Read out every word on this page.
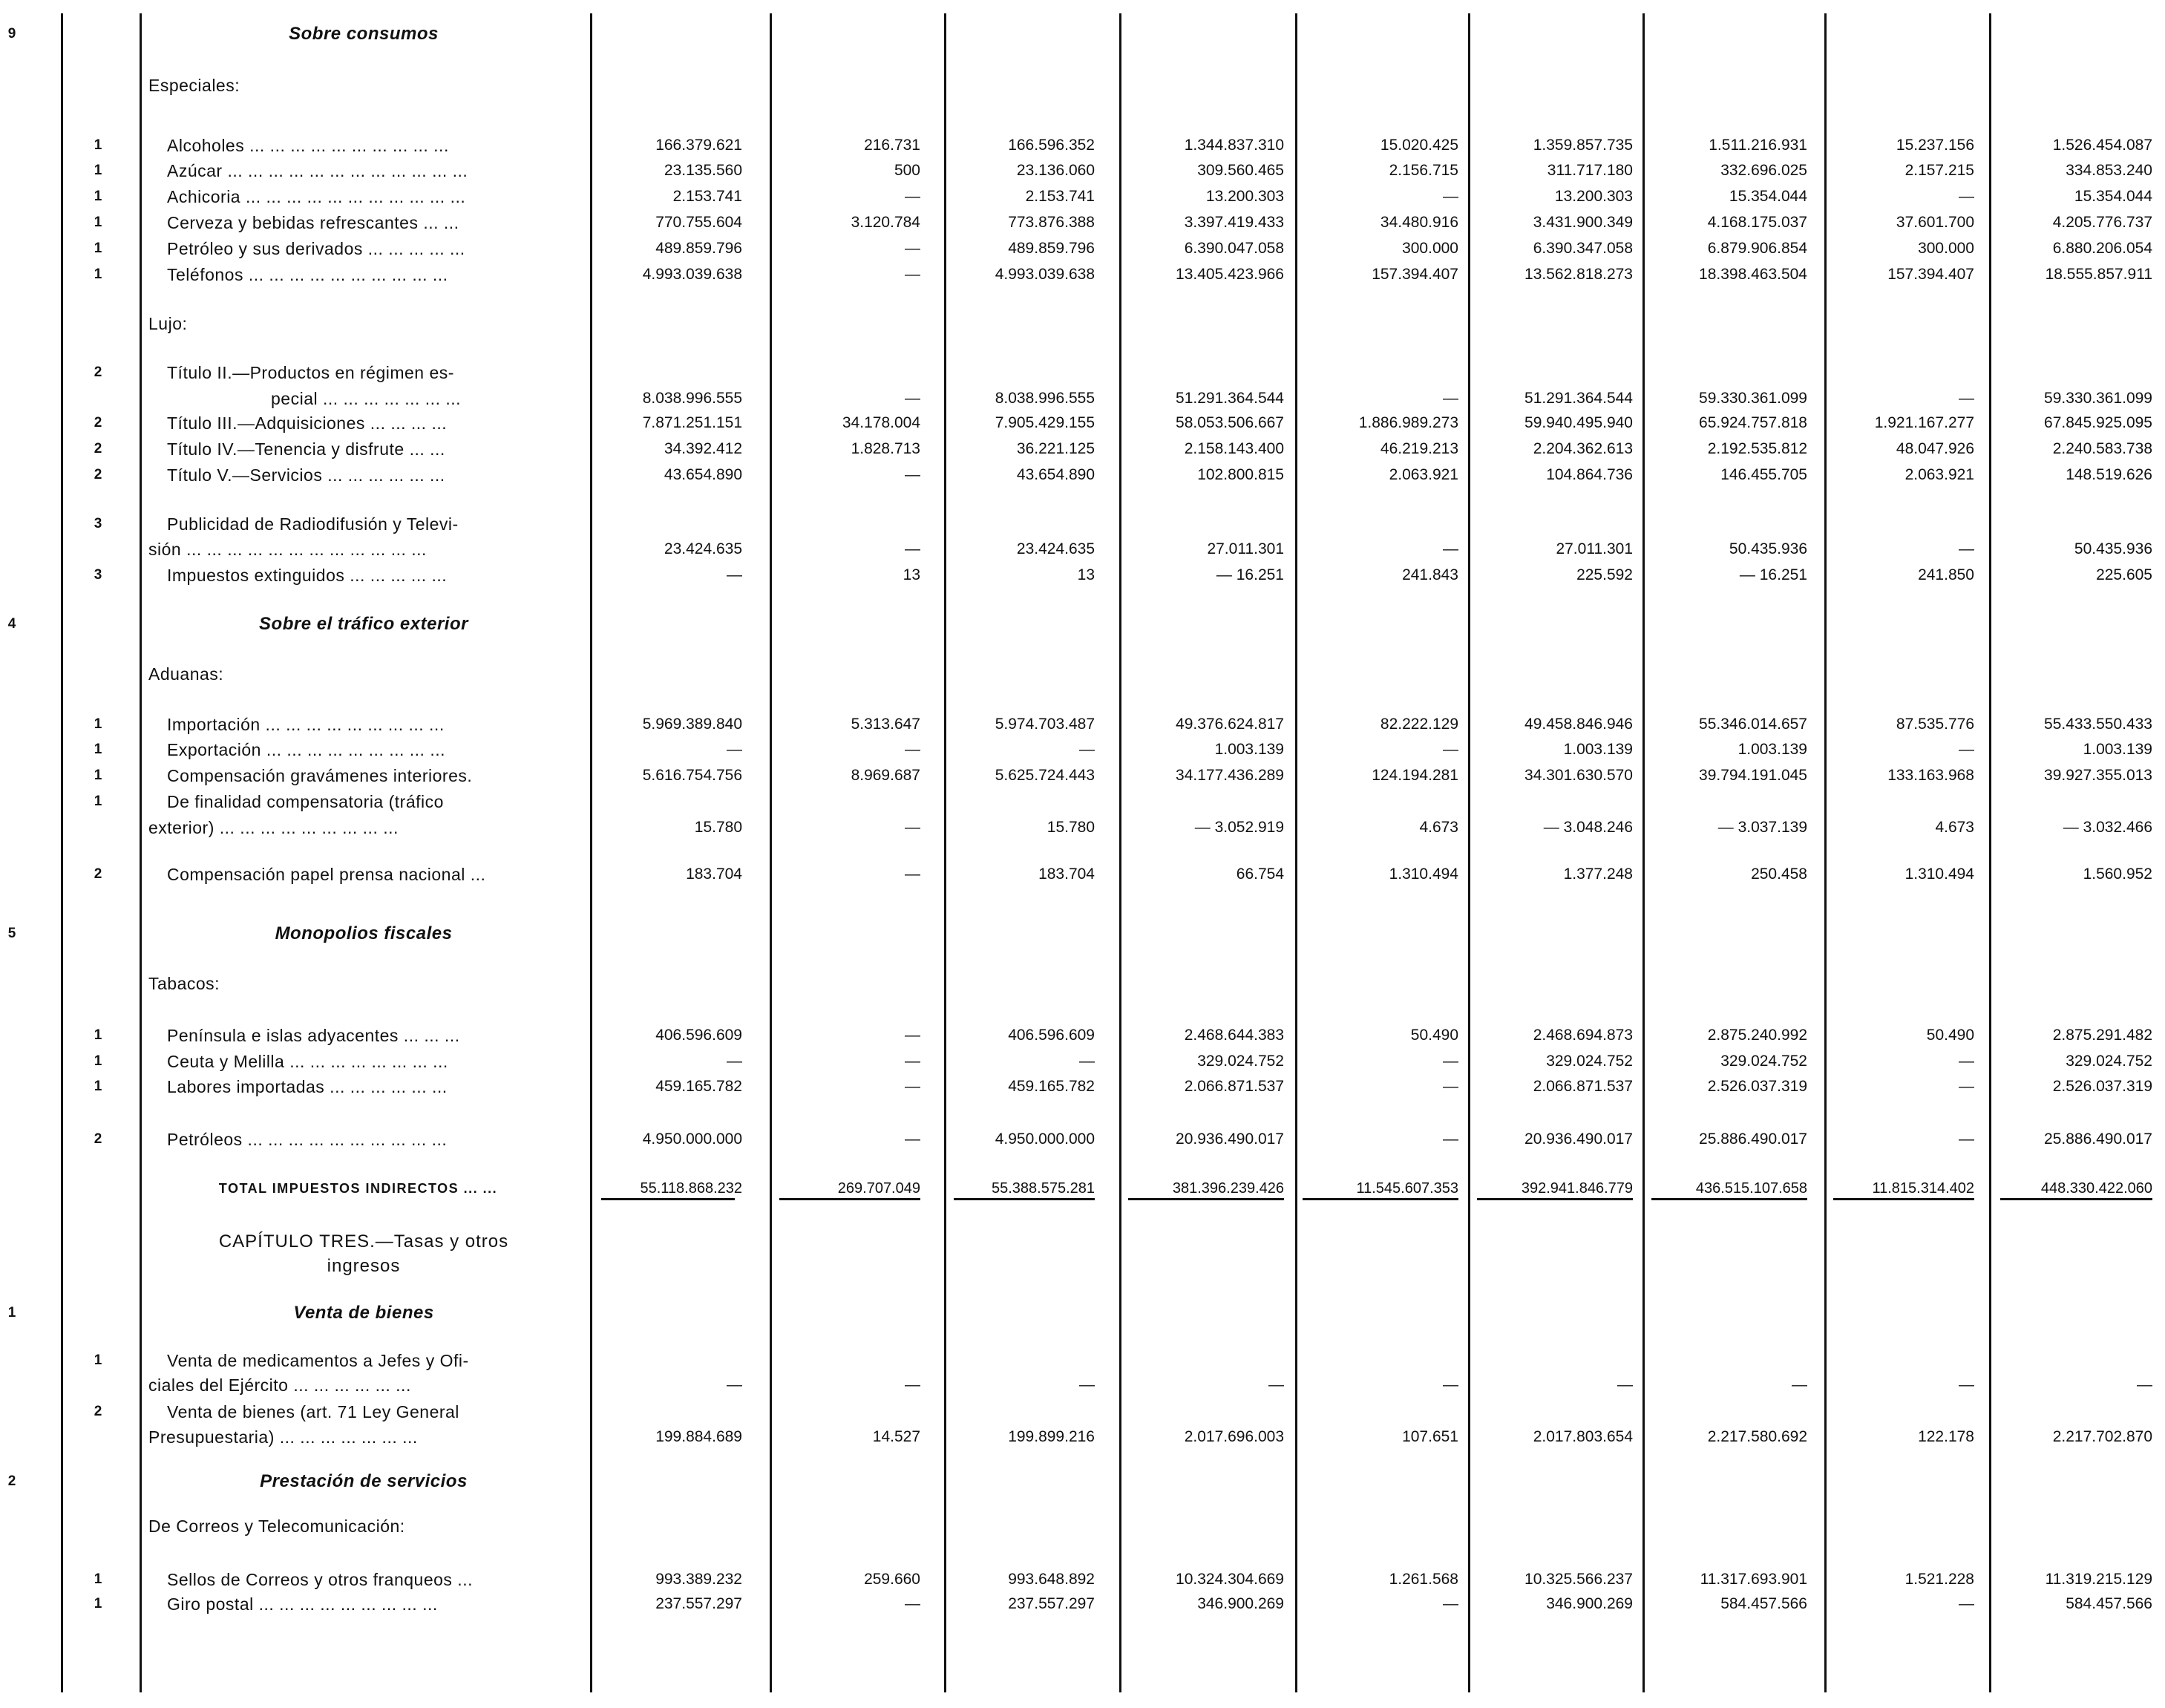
9	Sobre consumos
Especiales:
1	Alcoholes ... ... ... ... ... ... ... ... ... ...	166.379.621	216.731	166.596.352	1.344.837.310	15.020.425	1.359.857.735	1.511.216.931	15.237.156	1.526.454.087
1	Azúcar ... ... ... ... ... ... ... ... ... ... ... ...	23.135.560	500	23.136.060	309.560.465	2.156.715	311.717.180	332.696.025	2.157.215	334.853.240
1	Achicoria ... ... ... ... ... ... ... ... ... ... ...	2.153.741	—	2.153.741	13.200.303	—	13.200.303	15.354.044	—	15.354.044
1	Cerveza y bebidas refrescantes ... ...	770.755.604	3.120.784	773.876.388	3.397.419.433	34.480.916	3.431.900.349	4.168.175.037	37.601.700	4.205.776.737
1	Petróleo y sus derivados ... ... ... ... ...	489.859.796	—	489.859.796	6.390.047.058	300.000	6.390.347.058	6.879.906.854	300.000	6.880.206.054
1	Teléfonos ... ... ... ... ... ... ... ... ... ...	4.993.039.638	—	4.993.039.638	13.405.423.966	157.394.407	13.562.818.273	18.398.463.504	157.394.407	18.555.857.911
Lujo:
2	Título II.—Productos en régimen es-
pecial ... ... ... ... ... ... ...	8.038.996.555	—	8.038.996.555	51.291.364.544	—	51.291.364.544	59.330.361.099	—	59.330.361.099
2	Título III.—Adquisiciones ... ... ... ...	7.871.251.151	34.178.004	7.905.429.155	58.053.506.667	1.886.989.273	59.940.495.940	65.924.757.818	1.921.167.277	67.845.925.095
2	Título IV.—Tenencia y disfrute ... ...	34.392.412	1.828.713	36.221.125	2.158.143.400	46.219.213	2.204.362.613	2.192.535.812	48.047.926	2.240.583.738
2	Título V.—Servicios ... ... ... ... ... ...	43.654.890	—	43.654.890	102.800.815	2.063.921	104.864.736	146.455.705	2.063.921	148.519.626
3	Publicidad de Radiodifusión y Televi-
sión ... ... ... ... ... ... ... ... ... ... ... ...	23.424.635	—	23.424.635	27.011.301	—	27.011.301	50.435.936	—	50.435.936
3	Impuestos extinguidos ... ... ... ... ...	—	13	13	— 16.251	241.843	225.592	— 16.251	241.850	225.605
4	Sobre el tráfico exterior
Aduanas:
1	Importación ... ... ... ... ... ... ... ... ...	5.969.389.840	5.313.647	5.974.703.487	49.376.624.817	82.222.129	49.458.846.946	55.346.014.657	87.535.776	55.433.550.433
1	Exportación ... ... ... ... ... ... ... ... ...	—	—	—	1.003.139	—	1.003.139	1.003.139	—	1.003.139
1	Compensación gravámenes interiores.	5.616.754.756	8.969.687	5.625.724.443	34.177.436.289	124.194.281	34.301.630.570	39.794.191.045	133.163.968	39.927.355.013
1	De finalidad compensatoria (tráfico
exterior) ... ... ... ... ... ... ... ... ...	15.780	—	15.780	— 3.052.919	4.673	— 3.048.246	— 3.037.139	4.673	— 3.032.466
2	Compensación papel prensa nacional ...	183.704	—	183.704	66.754	1.310.494	1.377.248	250.458	1.310.494	1.560.952
5	Monopolios fiscales
Tabacos:
1	Península e islas adyacentes ... ... ...	406.596.609	—	406.596.609	2.468.644.383	50.490	2.468.694.873	2.875.240.992	50.490	2.875.291.482
1	Ceuta y Melilla ... ... ... ... ... ... ... ...	—	—	—	329.024.752	—	329.024.752	329.024.752	—	329.024.752
1	Labores importadas ... ... ... ... ... ...	459.165.782	—	459.165.782	2.066.871.537	—	2.066.871.537	2.526.037.319	—	2.526.037.319
2	Petróleos ... ... ... ... ... ... ... ... ... ...	4.950.000.000	—	4.950.000.000	20.936.490.017	—	20.936.490.017	25.886.490.017	—	25.886.490.017
TOTAL IMPUESTOS INDIRECTOS ... ...	55.118.868.232	269.707.049	55.388.575.281	381.396.239.426	11.545.607.353	392.941.846.779	436.515.107.658	11.815.314.402	448.330.422.060
CAPÍTULO TRES.—Tasas y otros
ingresos
1	Venta de bienes
1	Venta de medicamentos a Jefes y Ofi-
ciales del Ejército ... ... ... ... ... ...	—	—	—	—	—	—	—	—	—
2	Venta de bienes (art. 71 Ley General
Presupuestaria) ... ... ... ... ... ... ...	199.884.689	14.527	199.899.216	2.017.696.003	107.651	2.017.803.654	2.217.580.692	122.178	2.217.702.870
2	Prestación de servicios
De Correos y Telecomunicación:
1	Sellos de Correos y otros franqueos ...	993.389.232	259.660	993.648.892	10.324.304.669	1.261.568	10.325.566.237	11.317.693.901	1.521.228	11.319.215.129
1	Giro postal ... ... ... ... ... ... ... ... ...	237.557.297	—	237.557.297	346.900.269	—	346.900.269	584.457.566	—	584.457.566
